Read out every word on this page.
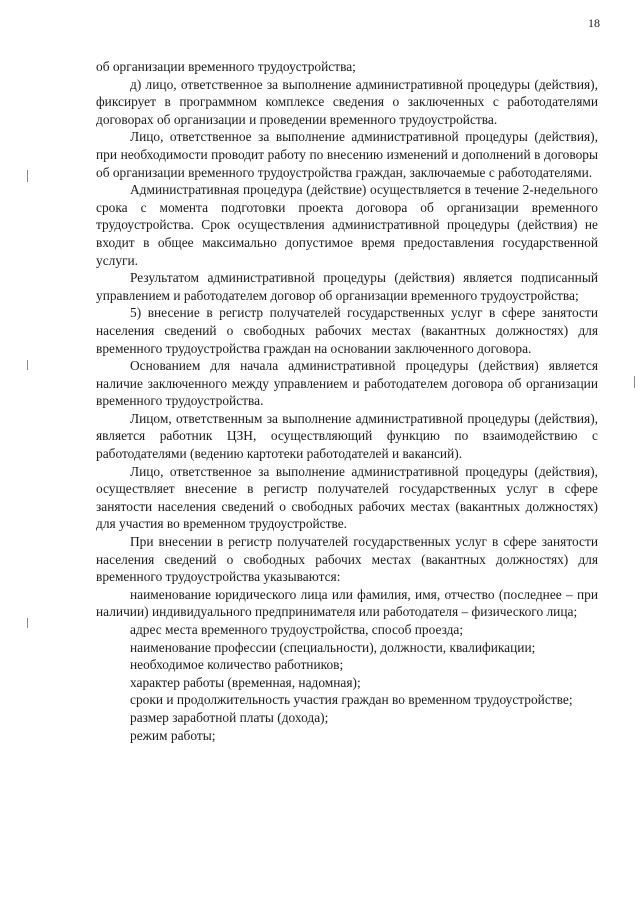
18

об организации временного трудоустройства;

д) лицо, ответственное за выполнение административной процедуры (действия), фиксирует в программном комплексе сведения о заключенных с работодателями договорах об организации и проведении временного трудоустройства.

Лицо, ответственное за выполнение административной процедуры (действия), при необходимости проводит работу по внесению изменений и дополнений в договоры об организации временного трудоустройства граждан, заключаемые с работодателями.

Административная процедура (действие) осуществляется в течение 2-недельного срока с момента подготовки проекта договора об организации временного трудоустройства. Срок осуществления административной процедуры (действия) не входит в общее максимально допустимое время предоставления государственной услуги.

Результатом административной процедуры (действия) является подписанный управлением и работодателем договор об организации временного трудоустройства;

5) внесение в регистр получателей государственных услуг в сфере занятости населения сведений о свободных рабочих местах (вакантных должностях) для временного трудоустройства граждан на основании заключенного договора.

Основанием для начала административной процедуры (действия) является наличие заключенного между управлением и работодателем договора об организации временного трудоустройства.

Лицом, ответственным за выполнение административной процедуры (действия), является работник ЦЗН, осуществляющий функцию по взаимодействию с работодателями (ведению картотеки работодателей и вакансий).

Лицо, ответственное за выполнение административной процедуры (действия), осуществляет внесение в регистр получателей государственных услуг в сфере занятости населения сведений о свободных рабочих местах (вакантных должностях) для участия во временном трудоустройстве.

При внесении в регистр получателей государственных услуг в сфере занятости населения сведений о свободных рабочих местах (вакантных должностях) для временного трудоустройства указываются:

наименование юридического лица или фамилия, имя, отчество (последнее – при наличии) индивидуального предпринимателя или работодателя – физического лица;

адрес места временного трудоустройства, способ проезда;

наименование профессии (специальности), должности, квалификации;

необходимое количество работников;

характер работы (временная, надомная);

сроки и продолжительность участия граждан во временном трудоустройстве;

размер заработной платы (дохода);

режим работы;
